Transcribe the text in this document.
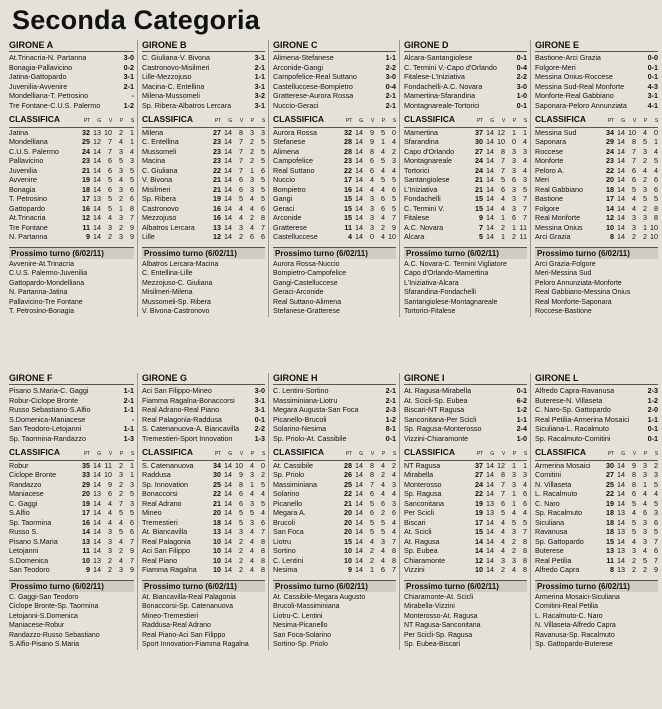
Seconda Categoria
GIRONE A
At.Trinacria-N. Partanna	3-0
Bonagia-Pallavicino	0-2
Jatina-Gattopardo	3-1
Juvenilia-Avvenire	2-1
Mondelliana-T. Petrosino	-
Tre Fontane-C.U.S. Palermo	1-2
CLASSIFICA	PT	G	V	P	S
Jatina	32	13	10	2	1
Mondelliana	25	12	7	4	1
C.U.S. Palermo	24	14	7	3	4
Pallavicino	23	14	6	5	3
Juvenilia	21	14	6	3	5
Avvenire	19	14	5	4	5
Bonagia	18	14	6	3	6
T. Petrosino	17	13	5	2	6
Gattopardo	16	14	5	1	8
At.Trinacria	12	14	4	3	7
Tre Fontane	11	14	3	2	9
N. Partanna	9	14	2	3	9
Prossimo turno (6/02/11)
Avvenire-At.Trinacria
C.U.S. Palermo-Juvenilia
Gattopardo-Mondelliana
N. Partanna-Jatina
Pallavicino-Tre Fontane
T. Petrosino-Bonagia
GIRONE B
C. Giuliana-V. Bivona	3-1
Castronovo-Misilmeri	2-1
Lille-Mezzojuso	1-1
Macina-C. Entellina	3-1
Milena-Mussomeli	3-2
Sp. Ribera-Albatros Lercara	3-1
CLASSIFICA	PT	G	V	P	S
Milena	27	14	8	3	3
C. Entellina	23	14	7	2	5
Mussomeli	23	14	7	2	5
Macina	23	14	7	2	5
C. Giuliana	22	14	7	1	6
V. Bivona	21	14	6	3	5
Misilmeri	21	14	6	3	5
Sp. Ribera	19	14	5	4	5
Castronovo	16	14	4	4	6
Mezzojuso	16	14	4	2	8
Albatros Lercara	13	14	3	4	7
Lille	12	14	2	6	6
Prossimo turno (6/02/11)
Albatros Lercara-Macina
C. Entellina-Lille
Mezzojuso-C. Giuliana
Misilmeri-Milena
Mussomeli-Sp. Ribera
V. Bivona-Castronovo
GIRONE C
Alimena-Stefanese	1-1
Arconide-Gangi	2-2
Campofelice-Real Suttano	3-0
Castelluccese-Bompietro	0-4
Gratterese-Aurora Rossa	2-1
Nuccio-Geraci	2-1
CLASSIFICA	PT	G	V	P	S
Aurora Rossa	32	14	9	5	0
Stefanese	28	14	9	1	4
Alimena	28	14	8	4	2
Campofelice	23	14	6	5	3
Real Suttano	22	14	6	4	4
Nuccio	17	14	4	5	5
Bompietro	16	14	4	4	6
Gangi	15	14	3	6	5
Geraci	15	14	3	6	5
Arconide	15	14	3	4	7
Gratterese	11	14	3	2	9
Castelluccese	4	14	0	4	10
Prossimo turno (6/02/11)
Aurora Rossa-Nuccio
Bompietro-Campofelice
Gangi-Castelluccese
Geraci-Arconide
Real Suttano-Alimena
Stefanese-Gratterese
GIRONE D
Alcara-Santangiolese	0-1
C. Termini V.-Capo d'Orlando	0-4
Fitalese-L'Iniziativa	2-2
Fondachelli-A.C. Novara	3-0
Mamertina-Sfarandina	1-0
Montagnareale-Tortorici	0-1
CLASSIFICA	PT	G	V	P	S
Mamertina	37	14	12	1	1
Sfarandina	30	14	10	0	4
Capo d'Orlando	27	14	8	3	3
Montagnareale	24	14	7	3	4
Tortorici	24	14	7	3	4
Santangiolese	21	14	5	6	3
L'Iniziativa	21	14	6	3	5
Fondachelli	15	14	4	3	7
C. Termini V.	15	14	4	3	7
Fitalese	9	14	1	6	7
A.C. Novara	7	14	2	1	11
Alcara	5	14	1	2	11
Prossimo turno (6/02/11)
A.C. Novara-C. Termini Vigliatore
Capo d'Orlando-Mamertina
L'Iniziativa-Alcara
Sfarandina-Fondachelli
Santangiolese-Montagnareale
Tortorici-Fitalese
GIRONE E
Bastione-Arci Grazia	0-0
Folgore-Meri	0-1
Messina Onius-Roccese	0-1
Messina Sud-Real Monforte	4-3
Monforte-Real Gabbiano	3-1
Saponara-Peloro Annunziata	4-1
CLASSIFICA	PT	G	V	P	S
Messina Sud	34	14	10	4	0
Saponara	29	14	8	5	1
Roccese	24	14	7	3	4
Monforte	23	14	7	2	5
Peloro A.	22	14	6	4	4
Meri	20	14	6	2	6
Real Gabbiano	18	14	5	3	6
Bastione	17	14	4	5	5
Folgore	14	14	4	2	8
Real Monforte	12	14	3	3	8
Messina Onius	10	14	3	1	10
Arci Grazia	8	14	2	2	10
Prossimo turno (6/02/11)
Arci Grazia-Folgore
Meri-Messina Sud
Peloro Annunziata-Monforte
Real Gabbiano-Messina Onius
Real Monforte-Saponara
Roccese-Bastione
GIRONE F
Pisano S.Maria-C. Gaggi	1-1
Robur-Ciclope Bronte	2-1
Russo Sebastiano-S.Alfio	1-1
S.Domenica-Maniacese	-
San Teodoro-Letojanni	1-1
Sp. Taormina-Randazzo	1-3
CLASSIFICA	PT	G	V	P	S
Robur	35	14	11	2	1
Ciclope Bronte	33	14	10	3	1
Randazzo	29	14	9	2	3
Maniacese	20	13	6	2	5
C. Gaggi	19	14	4	7	3
S.Alfio	17	14	4	5	5
Sp. Taormina	16	14	4	4	6
Russo S.	14	14	3	5	6
Pisano S.Maria	13	14	3	4	7
Letojanni	11	14	3	2	9
S.Domenica	10	13	2	4	7
San Teodoro	9	14	2	3	9
Prossimo turno (6/02/11)
C. Gaggi-San Teodoro
Ciclope Bronte-Sp. Taormina
Letojanni-S.Domenica
Maniacese-Robur
Randazzo-Russo Sebastiano
S.Alfio-Pisano S.Maria
GIRONE G
Aci San Filippo-Mineo	3-0
Fiamma Ragalna-Bonaccorsi	3-1
Real Adrano-Real Piano	3-1
Real Palagonia-Raddusa	0-1
S. Catenanuova-A. Biancavilla 2-2
Tremestieri-Sport Innovation	1-3
CLASSIFICA	PT	G	V	P	S
S. Catenanuova	34	14	10	4	0
Raddusa	30	14	9	3	2
Sp. Innovation	25	14	8	1	5
Bonaccorsi	22	14	6	4	4
Real Adrano	21	14	6	3	5
Mineo	20	14	5	5	4
Tremestieri	18	14	5	3	6
At. Biancavilla	13	14	3	4	7
Real Palagonia	10	14	2	4	8
Aci San Filippo	10	14	2	4	8
Real Piano	10	14	2	4	8
Fiamma Ragalna	10	14	2	4	8
Prossimo turno (6/02/11)
At. Biancavilla-Real Palagonia
Bonaccorsi-Sp. Catenanuova
Mineo-Tremestieri
Raddusa-Real Adrano
Real Piano-Aci San Filippo
Sport Innovation-Fiamma Ragalna
GIRONE H
C. Lentini-Sortino	2-1
Massiminiana-Liotru	2-1
Megara Augusta-San Foca	2-3
Picanello-Brucoli	1-2
Solarino-Nesima	8-1
Sp. Priolo-At. Cassibile	0-1
CLASSIFICA	PT	G	V	P	S
At. Cassibile	28	14	8	4	2
Sp. Priolo	26	14	8	2	4
Massiminiana	25	14	7	4	3
Solarino	22	14	6	4	4
Picanello	21	14	5	6	3
Megara A.	20	14	6	2	6
Brucoli	20	14	5	5	4
San Foca	20	14	5	5	4
Liotru	15	14	4	3	7
Sortino	10	14	2	4	8
C. Lentini	10	14	2	4	8
Nesima	9	14	1	6	7
Prossimo turno (6/02/11)
At. Cassibile-Megara Augusto
Brucoli-Massiminiana
Liotru-C. Lentini
Nesima-Picanello
San Foca-Solarino
Sortino-Sp. Priolo
GIRONE I
At. Ragusa-Mirabella	0-1
At. Scicli-Sp. Eubea	6-2
Biscari-NT Ragusa	1-2
Sanconitana-Per Scicli	1-1
Sp. Ragusa-Monterosso	2-4
Vizzini-Chiaramonte	1-0
CLASSIFICA	PT	G	V	P	S
NT Ragusa	37	14	12	1	1
Mirabella	27	14	8	3	3
Monterosso	24	14	7	3	4
Sp. Ragusa	22	14	7	1	6
Sanconitana	19	13	6	1	6
Per Scicli	19	13	5	4	4
Biscari	17	14	4	5	5
At. Scicli	15	14	4	3	7
At. Ragusa	14	14	4	2	8
Sp. Eubea	14	14	4	2	8
Chiaramonte	12	14	3	3	8
Vizzini	10	14	2	4	8
Prossimo turno (6/02/11)
Chiaramonte-At. Scicli
Mirabella-Vizzini
Monterosso-At. Ragusa
NT Ragusa-Sanconitana
Per Scicli-Sp. Ragusa
Sp. Eubea-Biscari
GIRONE L
Alfredo Capra-Ravanusa	2-3
Buterese-N. Villaseta	1-2
C. Naro-Sp. Gattopardo	2-0
Real Petilia-Armerina Mosaici	1-1
Siculiana-L. Racalmuto	0-1
Sp. Racalmuto-Comitini	0-1
CLASSIFICA	PT	G	V	P	S
Armerina Mosaici	30	14	9	3	2
Comitini	27	14	8	3	3
N. Villaseta	25	14	8	1	5
L. Racalmuto	22	14	6	4	4
C. Naro	19	14	5	4	5
Sp. Racalmuto	18	13	4	6	3
Siculiana	18	14	5	3	6
Ravanusa	18	13	5	3	5
Sp. Gattopardo	15	14	4	3	7
Buterese	13	13	3	4	6
Real Petilia	11	14	2	5	7
Alfredo Capra	8	13	2	2	9
Prossimo turno (6/02/11)
Armerina Mosaici-Siculiana
Comitini-Real Petilia
L. Racalmuto-C. Naro
N. Villaseta-Alfredo Capra
Ravanusa-Sp. Racalmuto
Sp. Gattopardo-Buterese
